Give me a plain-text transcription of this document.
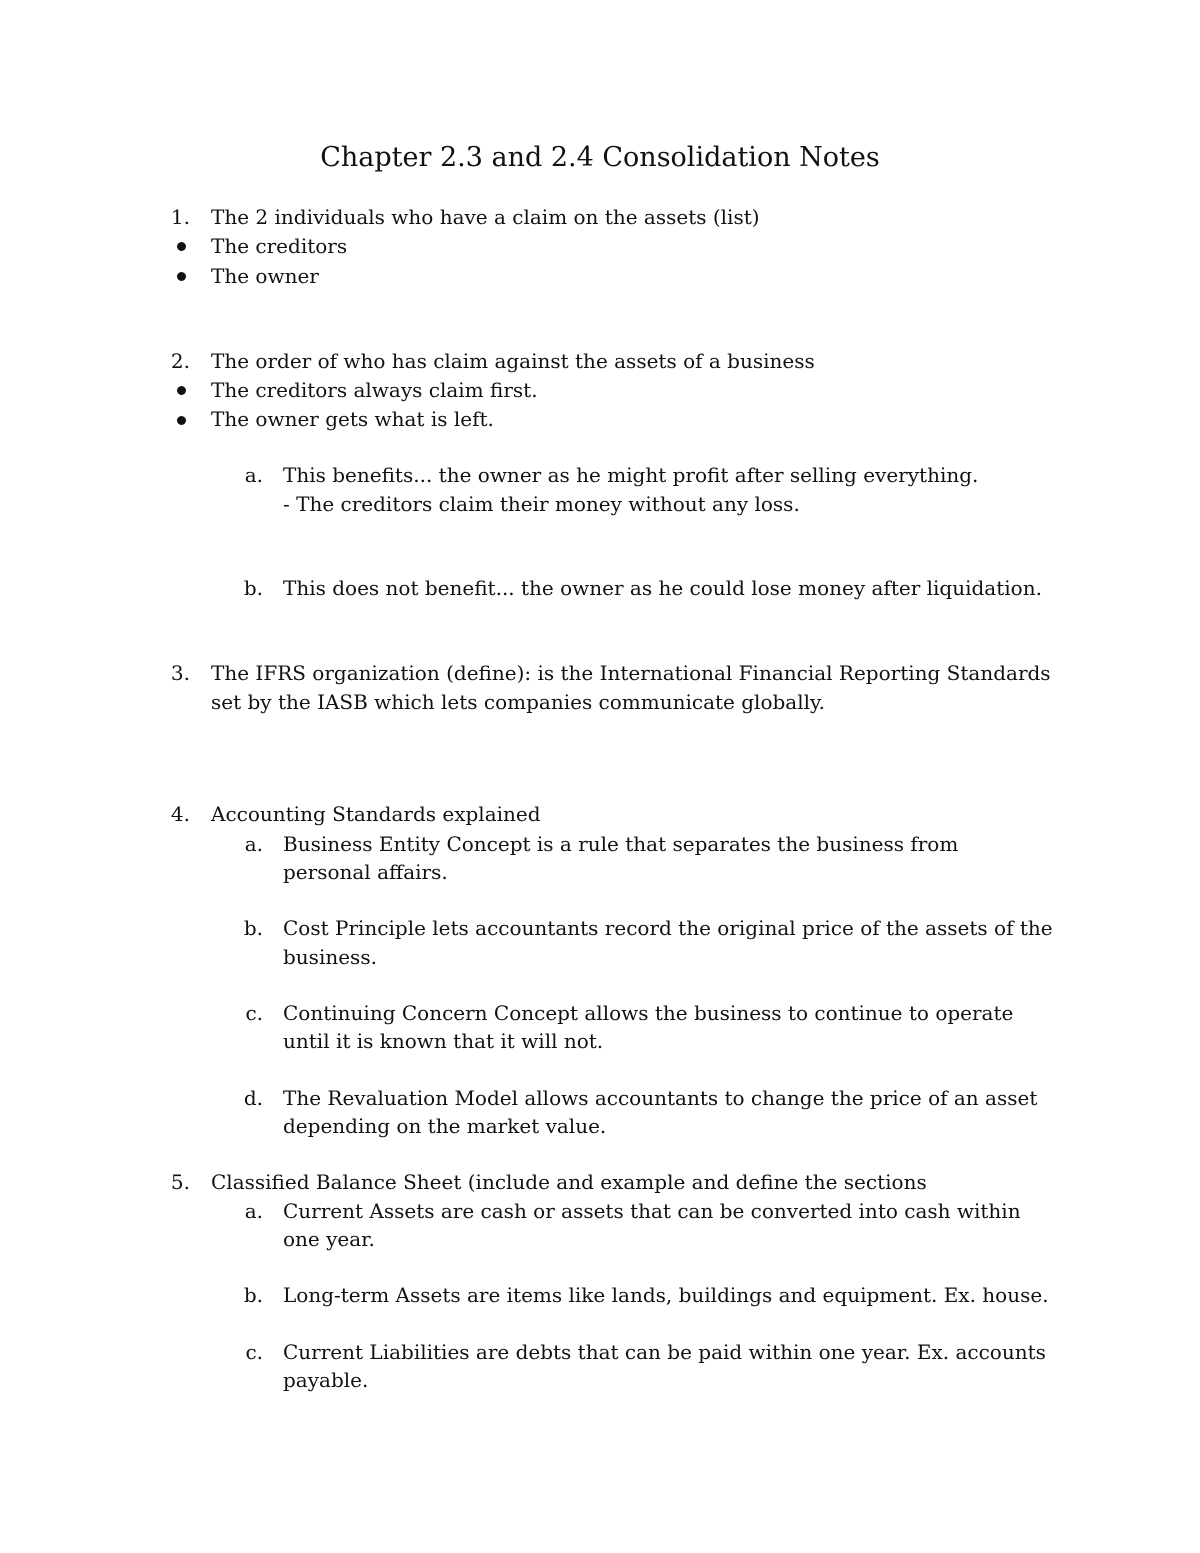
Chapter 2.3 and 2.4 Consolidation Notes
1. The 2 individuals who have a claim on the assets (list)
The creditors
The owner
2. The order of who has claim against the assets of a business
The creditors always claim first.
The owner gets what is left.
a. This benefits... the owner as he might profit after selling everything.
- The creditors claim their money without any loss.
b. This does not benefit... the owner as he could lose money after liquidation.
3. The IFRS organization (define): is the International Financial Reporting Standards
set by the IASB which lets companies communicate globally.
4. Accounting Standards explained
a. Business Entity Concept is a rule that separates the business from
personal affairs.
b. Cost Principle lets accountants record the original price of the assets of the
business.
c. Continuing Concern Concept allows the business to continue to operate
until it is known that it will not.
d. The Revaluation Model allows accountants to change the price of an asset
depending on the market value.
5. Classified Balance Sheet (include and example and define the sections
a. Current Assets are cash or assets that can be converted into cash within
one year.
b. Long-term Assets are items like lands, buildings and equipment. Ex. house.
c. Current Liabilities are debts that can be paid within one year. Ex. accounts
payable.
